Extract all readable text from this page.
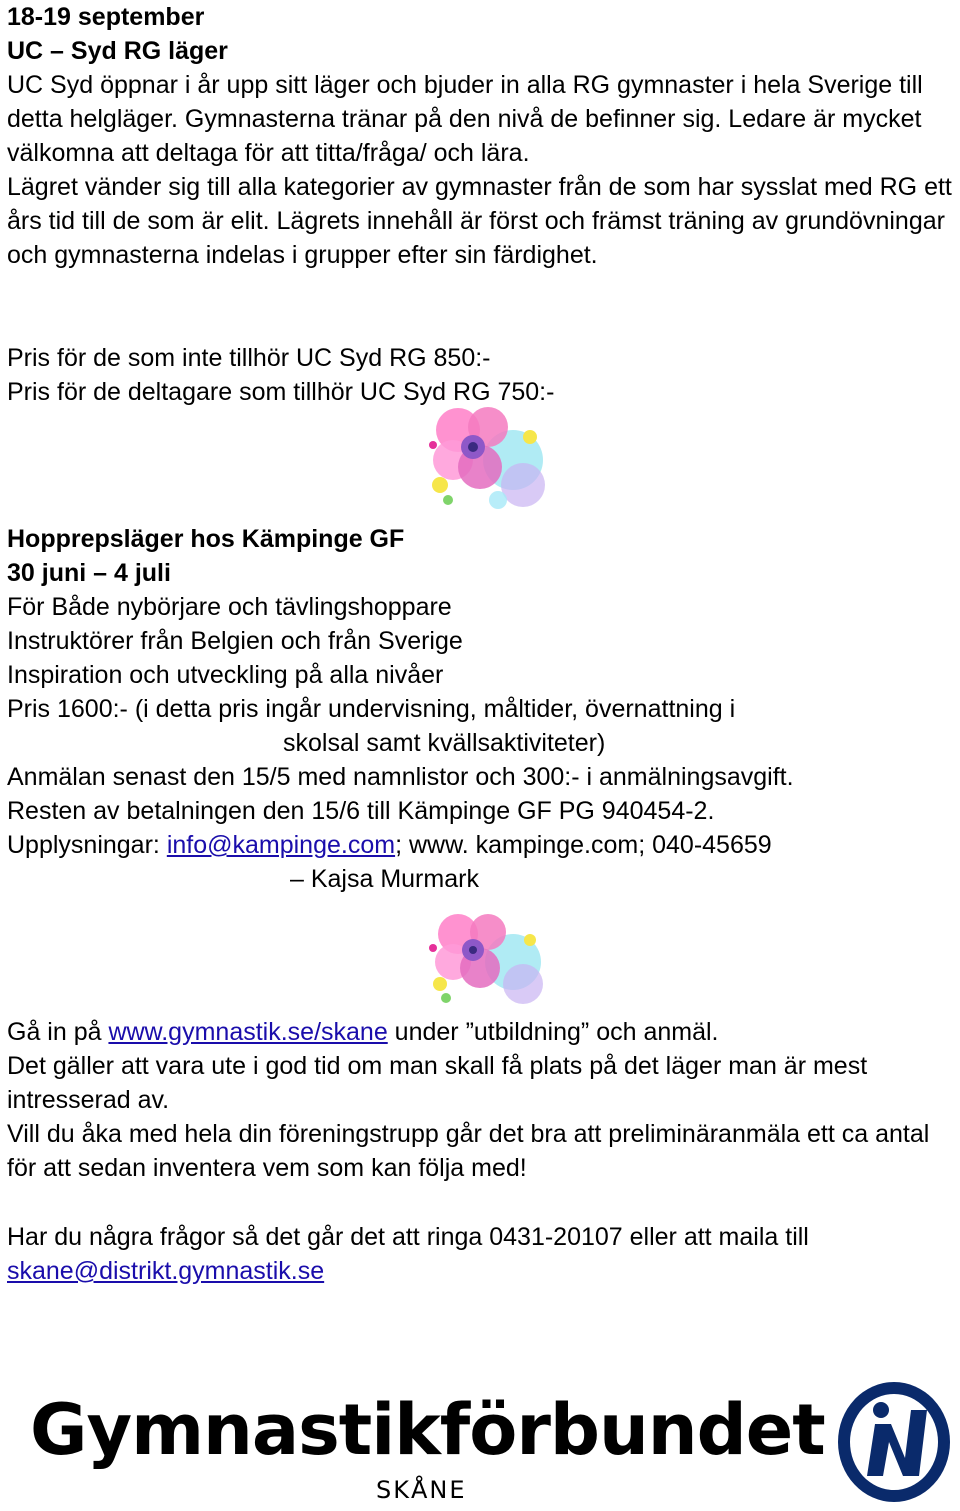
18-19 september
UC – Syd RG läger
UC Syd öppnar i år upp sitt läger och bjuder in alla RG gymnaster i hela Sverige till detta helgläger. Gymnasterna tränar på den nivå de befinner sig. Ledare är mycket välkomna att deltaga för att titta/fråga/ och lära.
Lägret vänder sig till alla kategorier av gymnaster från de som har sysslat med RG ett års tid till de som är elit. Lägrets innehåll är först och främst träning av grundövningar och gymnasterna indelas i grupper efter sin färdighet.
Pris för de som inte tillhör UC Syd RG 850:-
Pris för de deltagare som tillhör UC Syd RG 750:-
Hopprepsläger hos Kämpinge GF
30 juni – 4 juli
För Både nybörjare och tävlingshoppare
Instruktörer från Belgien och från Sverige
Inspiration och utveckling på alla nivåer
Pris 1600:- (i detta pris ingår undervisning, måltider, övernattning i
skolsal samt kvällsaktiviteter)
Anmälan senast den 15/5 med namnlistor och 300:- i anmälningsavgift.
Resten av betalningen den 15/6 till Kämpinge GF PG 940454-2.
Upplysningar: info@kampinge.com; www. kampinge.com; 040-45659
– Kajsa Murmark
Gå in på www.gymnastik.se/skane under ”utbildning” och anmäl.
Det gäller att vara ute i god tid om man skall få plats på det läger man är mest intresserad av.
Vill du åka med hela din föreningstrupp går det bra att preliminäranmäla ett ca antal för att sedan inventera vem som kan följa med!
Har du några frågor så det går det att ringa 0431-20107 eller att maila till
skane@distrikt.gymnastik.se
Gymnastikförbundet
SKÅNE
